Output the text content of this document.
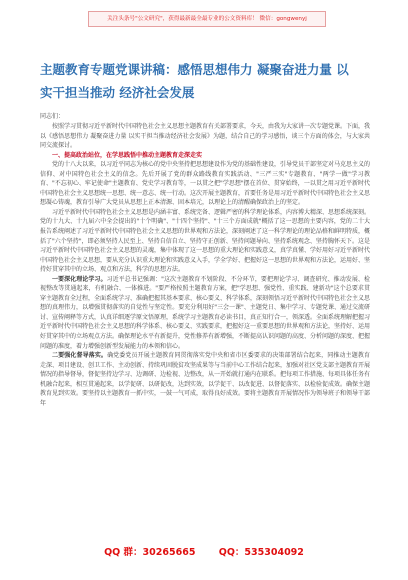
关注头条号"公文研究"，获得最新最全最专业的公文资料库！ 微信：gongwenyj
主题教育专题党课讲稿：感悟思想伟力 凝聚奋进力量 以实干担当推动 经济社会发展

同志们：

按照学习贯彻习近平新时代中国特色社会主义思想主题教育有关部署要求，今天，由我为大家讲一次专题党课。下面，我以《感悟思想伟力 凝聚奋进力量 以实干担当推动经济社会发展》为题，结合自己的学习感悟，谈三个方面的体会，与大家共同交流探讨。

一、提高政治站位，在学思践悟中推动主题教育走深走实

党的十八大以来，以习近平同志为核心的党中央坚持把思想建设作为党的基础性建设，引导党员干部坚定对马克思主义的信仰、对中国特色社会主义的信念。先后开展了党的群众路线教育实践活动、"三严三实"专题教育、"两学一做"学习教育、"不忘初心、牢记使命"主题教育、党史学习教育等，一以贯之把"学思想"摆在首位、贯穿始终，一以贯之用习近平新时代中国特色社会主义思想统一思想、统一意志、统一行动。这次开展主题教育，首要任务是用习近平新时代中国特色社会主义思想凝心铸魂，教育引导广大党员从思想上正本清源、固本培元，以理论上的清醒确保政治上的坚定。

习近平新时代中国特色社会主义思想是内涵丰富、系统完备、逻辑严密的科学理论体系，内容博大精深、思想系统深刻。党的十九大、十九届六中全会提出的"十个明确"、"十四个坚持"、"十三个方面成就"概括了这一思想的主要内容，党的二十大报告系统阐述了习近平新时代中国特色社会主义思想的世界观和方法论，深刻阐述了这一科学理论的理论品格和鲜明特质，概括了"六个坚持"，即必须坚持人民至上、坚持自信自立、坚持守正创新、坚持问题导向、坚持系统观念、坚持胸怀天下。这是习近平新时代中国特色社会主义思想的灵魂，集中体现了这一思想的重大理论和实践意义，真学真懂、学好用好习近平新时代中国特色社会主义思想，要从充分认识重大理论和实践意义入手，学全学好、把握好这一思想的世界观和方法论，运用好、坚持好贯穿其中的立场、观点和方法，科学的思想方法。

一要深化理论学习。习近平总书记强调："这次主题教育不划阶段、不分环节，要把理论学习、调查研究、推动发展、检视整改等贯通起来，有机融合、一体推进。"要严格按照主题教育方案，把"学思想、强党性、重实践、建新功"这个总要求贯穿主题教育全过程，全面系统学习、准确把握其基本要求、核心要义、科学体系，深刻领悟习近平新时代中国特色社会主义思想的真理伟力，以增强贯彻落实的自觉性与坚定性。要充分利用好"三会一课"、主题党日、集中学习、专题党课、通过交流研讨、宣传阐释等方式，认真详细逐学原文悟原理，系统学习主题教育必读书目，真正知行合一，领深透。全面系统理解把握习近平新时代中国特色社会主义思想的科学体系、核心要义、实践要求，把握好这一重要思想的世界观和方法论，坚持好、运用好贯穿其中的立场观点方法。确保理论水平有新提升，党性修养有新增强，不断提高认识问题的高度、分析问题的深度、把握问题的准度，着力增强创新型发展能力的本领和信心。

二要强化督导落实。确党委党员开展主题教育同贯彻落实党中央和省市区委要求的决策部署结合起来，同推动主题教育走深、项目建设、创卫工作、主动创新、持续巩固脱贫攻坚成果等与当前中心工作结合起来，加强对社区党支部主题教育开展情况的指导督导，督促坚持边学习、边调研、边检视、边整改，从一开始就打通内在联系。把每项工作措施、每项具体任务有机融合起来，相互贯通起来，以学促研、以研促改，达到实效，以学促干、以改促进、以督促落实、以检验促成效。确保主题教育见到实效。要坚持以主题教育一抓中实，一鼓一气可成，取得良好成效。要将主题教育开展情况作为领导班子和领导干部年

QQ 群：30265665 QQ：535304092
